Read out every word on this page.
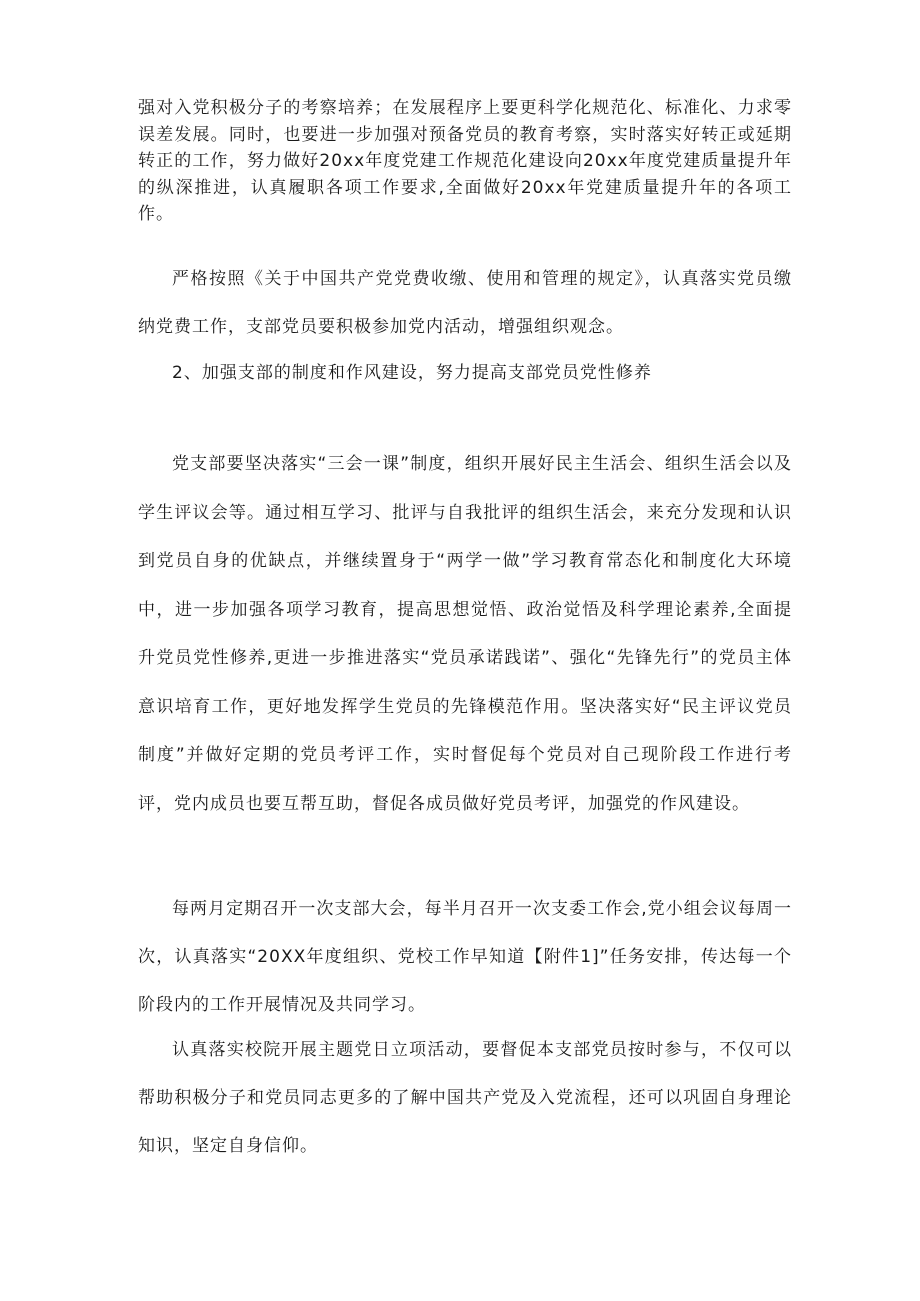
强对入党积极分子的考察培养；在发展程序上要更科学化规范化、标准化、力求零误差发展。同时，也要进一步加强对预备党员的教育考察，实时落实好转正或延期转正的工作，努力做好20xx年度党建工作规范化建设向20xx年度党建质量提升年的纵深推进，认真履职各项工作要求,全面做好20xx年党建质量提升年的各项工作。

严格按照《关于中国共产党党费收缴、使用和管理的规定》，认真落实党员缴纳党费工作，支部党员要积极参加党内活动，增强组织观念。

2、加强支部的制度和作风建设，努力提高支部党员党性修养

党支部要坚决落实“三会一课”制度，组织开展好民主生活会、组织生活会以及学生评议会等。通过相互学习、批评与自我批评的组织生活会，来充分发现和认识到党员自身的优缺点，并继续置身于“两学一做”学习教育常态化和制度化大环境中，进一步加强各项学习教育，提高思想觉悟、政治觉悟及科学理论素养,全面提升党员党性修养,更进一步推进落实“党员承诺践诺”、强化“先锋先行”的党员主体意识培育工作，更好地发挥学生党员的先锋模范作用。坚决落实好“民主评议党员制度”并做好定期的党员考评工作，实时督促每个党员对自己现阶段工作进行考评，党内成员也要互帮互助，督促各成员做好党员考评，加强党的作风建设。

每两月定期召开一次支部大会，每半月召开一次支委工作会,党小组会议每周一次，认真落实“20XX年度组织、党校工作早知道【附件1]”任务安排，传达每一个阶段内的工作开展情况及共同学习。

认真落实校院开展主题党日立项活动，要督促本支部党员按时参与，不仅可以帮助积极分子和党员同志更多的了解中国共产党及入党流程，还可以巩固自身理论知识，坚定自身信仰。
